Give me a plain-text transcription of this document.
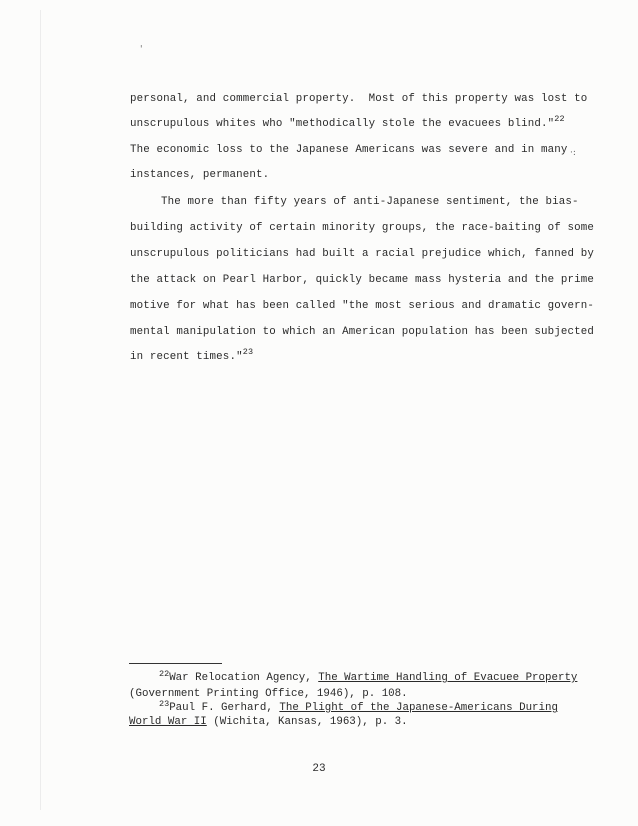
'
·:
personal, and commercial property.  Most of this property was lost to
unscrupulous whites who "methodically stole the evacuees blind."$^{22}$
The economic loss to the Japanese Americans was severe and in many
instances, permanent.
The more than fifty years of anti-Japanese sentiment, the bias-
building activity of certain minority groups, the race-baiting of some
unscrupulous politicians had built a racial prejudice which, fanned by
the attack on Pearl Harbor, quickly became mass hysteria and the prime
motive for what has been called "the most serious and dramatic govern-
mental manipulation to which an American population has been subjected
in recent times."$^{23}$
$^{22}$War Relocation Agency, The Wartime Handling of Evacuee Property
(Government Printing Office, 1946), p. 108.
$^{23}$Paul F. Gerhard, The Plight of the Japanese-Americans During
World War II (Wichita, Kansas, 1963), p. 3.
23
